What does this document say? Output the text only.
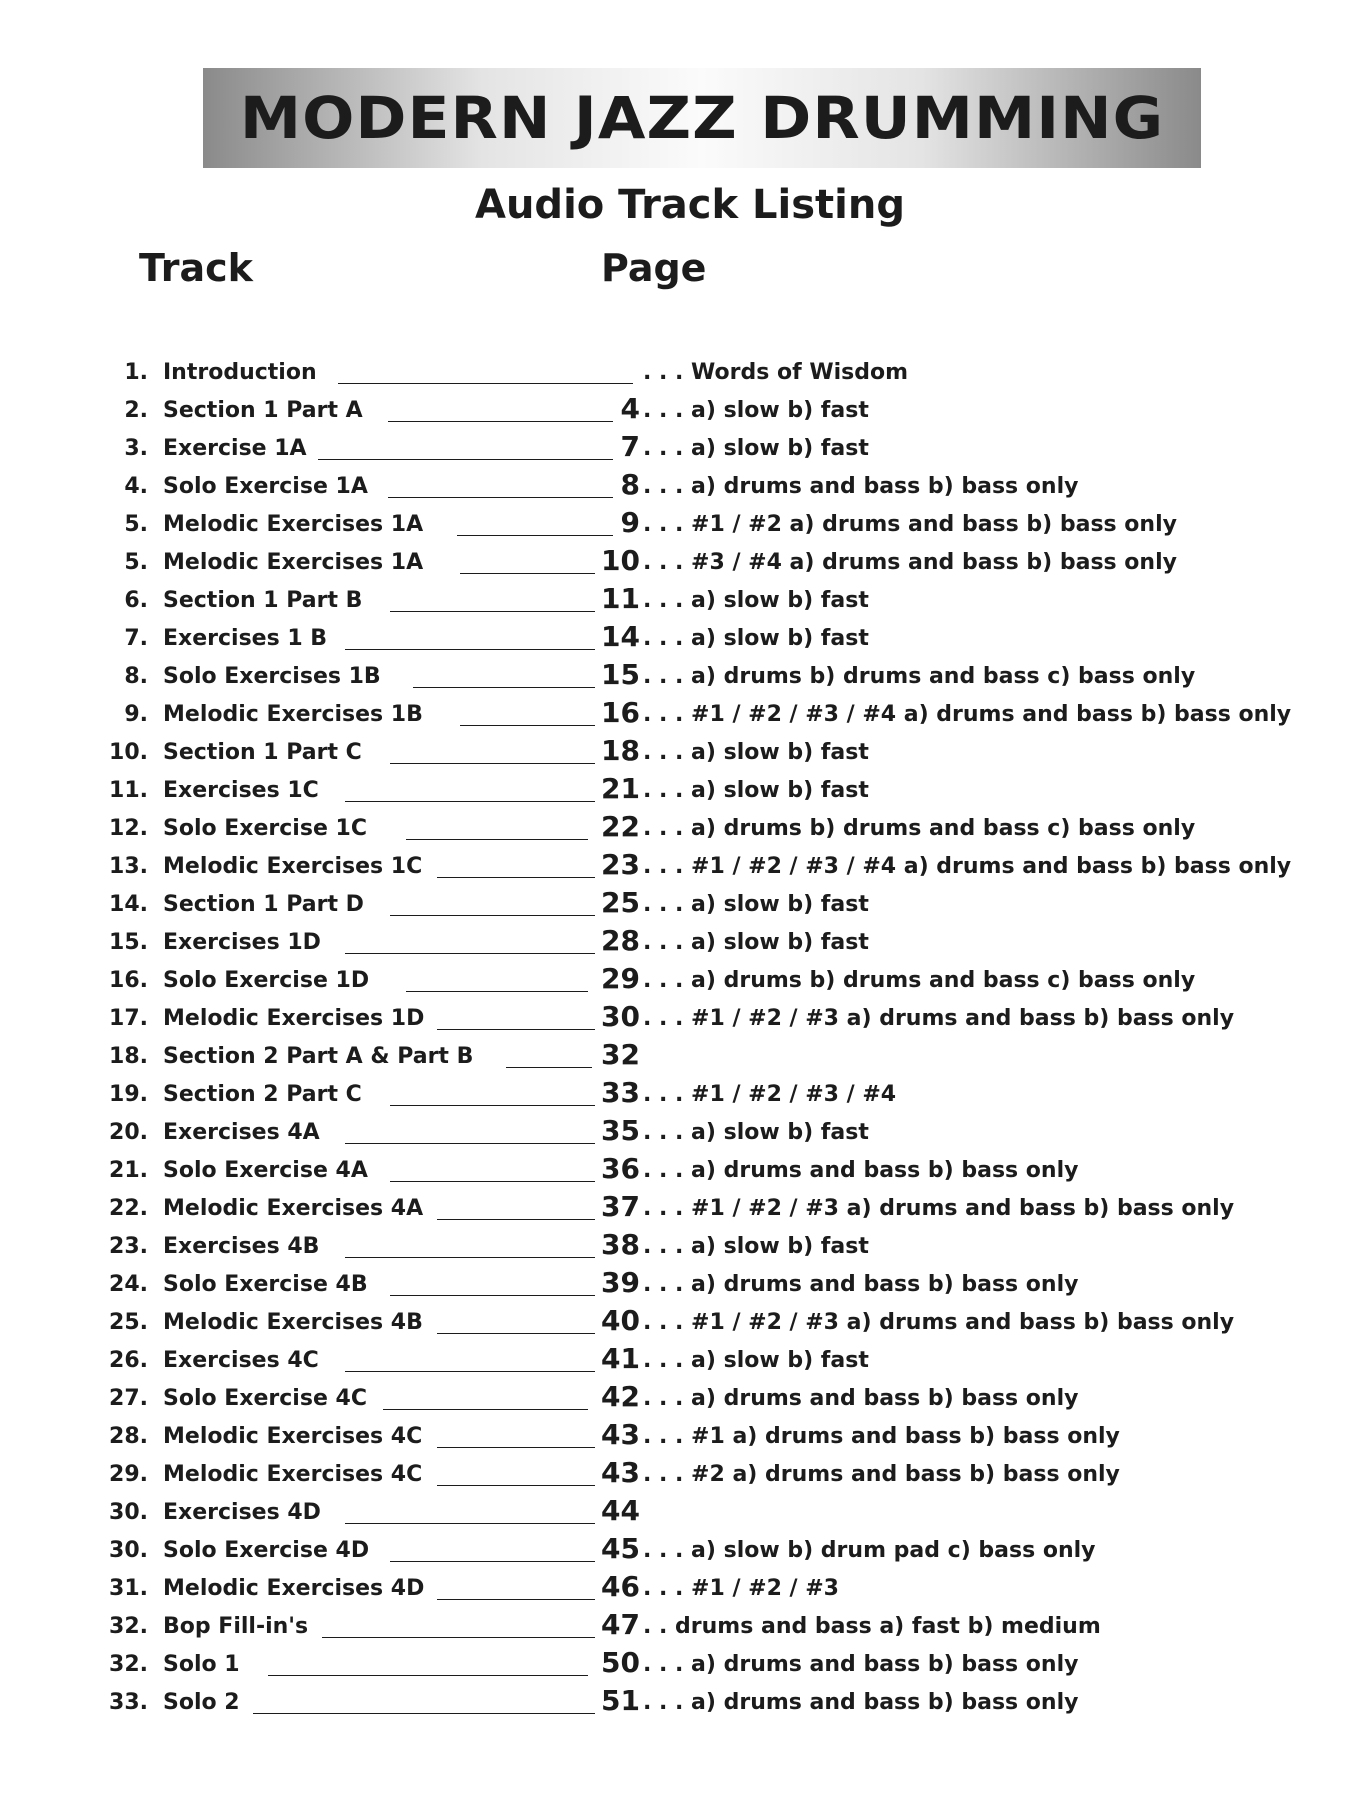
MODERN JAZZ DRUMMING
Audio Track Listing
Track	Page
1. Introduction	. . . Words of Wisdom
2. Section 1 Part A	4 . . . a) slow b) fast
3. Exercise 1A	7 . . . a) slow b) fast
4. Solo Exercise 1A	8 . . . a) drums and bass b) bass only
5. Melodic Exercises 1A	9 . . . #1 / #2 a) drums and bass b) bass only
5. Melodic Exercises 1A	10 . . . #3 / #4 a) drums and bass b) bass only
6. Section 1 Part B	11 . . . a) slow b) fast
7. Exercises 1 B	14 . . . a) slow b) fast
8. Solo Exercises 1B	15 . . . a) drums b) drums and bass c) bass only
9. Melodic Exercises 1B	16 . . . #1 / #2 / #3 / #4 a) drums and bass b) bass only
10. Section 1 Part C	18 . . . a) slow b) fast
11. Exercises 1C	21 . . . a) slow b) fast
12. Solo Exercise 1C	22 . . . a) drums b) drums and bass c) bass only
13. Melodic Exercises 1C	23 . . . #1 / #2 / #3 / #4 a) drums and bass b) bass only
14. Section 1 Part D	25 . . . a) slow b) fast
15. Exercises 1D	28 . . . a) slow b) fast
16. Solo Exercise 1D	29 . . . a) drums b) drums and bass c) bass only
17. Melodic Exercises 1D	30 . . . #1 / #2 / #3 a) drums and bass b) bass only
18. Section 2 Part A & Part B	32
19. Section 2 Part C	33 . . . #1 / #2 / #3 / #4
20. Exercises 4A	35 . . . a) slow b) fast
21. Solo Exercise 4A	36 . . . a) drums and bass b) bass only
22. Melodic Exercises 4A	37 . . . #1 / #2 / #3 a) drums and bass b) bass only
23. Exercises 4B	38 . . . a) slow b) fast
24. Solo Exercise 4B	39 . . . a) drums and bass b) bass only
25. Melodic Exercises 4B	40 . . . #1 / #2 / #3 a) drums and bass b) bass only
26. Exercises 4C	41 . . . a) slow b) fast
27. Solo Exercise 4C	42 . . . a) drums and bass b) bass only
28. Melodic Exercises 4C	43 . . . #1 a) drums and bass b) bass only
29. Melodic Exercises 4C	43 . . . #2 a) drums and bass b) bass only
30. Exercises 4D	44
30. Solo Exercise 4D	45 . . . a) slow b) drum pad c) bass only
31. Melodic Exercises 4D	46 . . . #1 / #2 / #3
32. Bop Fill-in's	47 . . drums and bass a) fast b) medium
32. Solo 1	50 . . . a) drums and bass b) bass only
33. Solo 2	51 . . . a) drums and bass b) bass only
